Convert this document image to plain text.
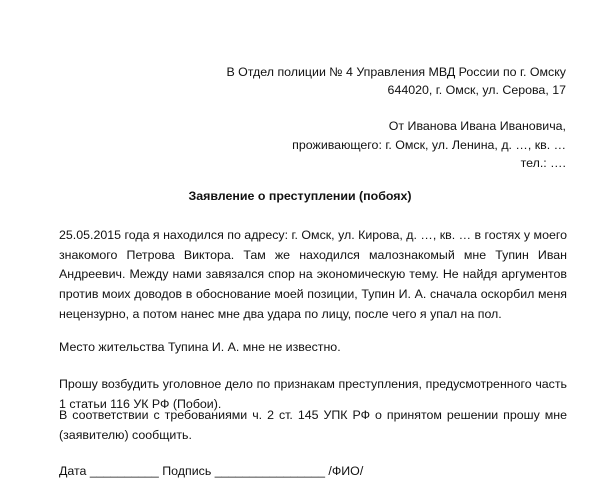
В Отдел полиции № 4 Управления МВД России по г. Омску
644020, г. Омск, ул. Серова, 17
От Иванова Ивана Ивановича,
проживающего: г. Омск, ул. Ленина, д. …, кв. …
тел.: ….
Заявление о преступлении (побоях)

25.05.2015 года я находился по адресу: г. Омск, ул. Кирова, д. …, кв. … в гостях у моего знакомого Петрова Виктора. Там же находился малознакомый мне Тупин Иван Андреевич. Между нами завязался спор на экономическую тему. Не найдя аргументов против моих доводов в обоснование моей позиции, Тупин И. А. сначала оскорбил меня нецензурно, а потом нанес мне два удара по лицу, после чего я упал на пол.

Место жительства Тупина И. А. мне не известно.

Прошу возбудить уголовное дело по признакам преступления, предусмотренного часть 1 статьи 116 УК РФ (Побои).

В соответствии с требованиями ч. 2 ст. 145 УПК РФ о принятом решении прошу мне (заявителю) сообщить.

Дата __________ Подпись ________________ /ФИО/
